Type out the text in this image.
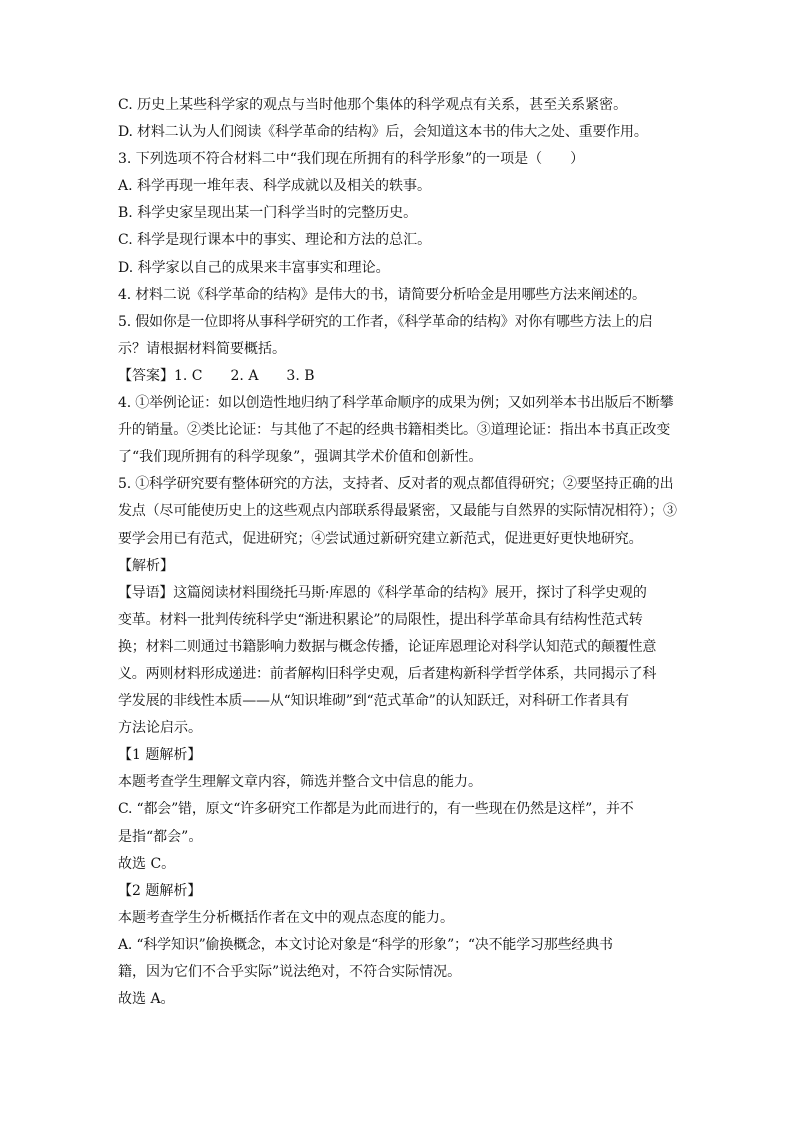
C. 历史上某些科学家的观点与当时他那个集体的科学观点有关系，甚至关系紧密。
D. 材料二认为人们阅读《科学革命的结构》后，会知道这本书的伟大之处、重要作用。
3. 下列选项不符合材料二中“我们现在所拥有的科学形象”的一项是（　　）
A. 科学再现一堆年表、科学成就以及相关的轶事。
B. 科学史家呈现出某一门科学当时的完整历史。
C. 科学是现行课本中的事实、理论和方法的总汇。
D. 科学家以自己的成果来丰富事实和理论。
4. 材料二说《科学革命的结构》是伟大的书，请简要分析哈金是用哪些方法来阐述的。
5. 假如你是一位即将从事科学研究的工作者，《科学革命的结构》对你有哪些方法上的启
示？请根据材料简要概括。
【答案】1. C　　2. A　　3. B
4. ①举例论证：如以创造性地归纳了科学革命顺序的成果为例；又如列举本书出版后不断攀
升的销量。②类比论证：与其他了不起的经典书籍相类比。③道理论证：指出本书真正改变
了“我们现所拥有的科学现象”，强调其学术价值和创新性。
5. ①科学研究要有整体研究的方法，支持者、反对者的观点都值得研究；②要坚持正确的出
发点（尽可能使历史上的这些观点内部联系得最紧密，又最能与自然界的实际情况相符）；③
要学会用已有范式，促进研究；④尝试通过新研究建立新范式，促进更好更快地研究。
【解析】
【导语】这篇阅读材料围绕托马斯·库恩的《科学革命的结构》展开，探讨了科学史观的
变革。材料一批判传统科学史“渐进积累论”的局限性，提出科学革命具有结构性范式转
换；材料二则通过书籍影响力数据与概念传播，论证库恩理论对科学认知范式的颠覆性意
义。两则材料形成递进：前者解构旧科学史观，后者建构新科学哲学体系，共同揭示了科
学发展的非线性本质——从“知识堆砌”到“范式革命”的认知跃迁，对科研工作者具有
方法论启示。
【1 题解析】
本题考查学生理解文章内容，筛选并整合文中信息的能力。
C. “都会”错，原文“许多研究工作都是为此而进行的，有一些现在仍然是这样”，并不
是指“都会”。
故选 C。
【2 题解析】
本题考查学生分析概括作者在文中的观点态度的能力。
A. “科学知识”偷换概念，本文讨论对象是“科学的形象”；“决不能学习那些经典书
籍，因为它们不合乎实际”说法绝对，不符合实际情况。
故选 A。
